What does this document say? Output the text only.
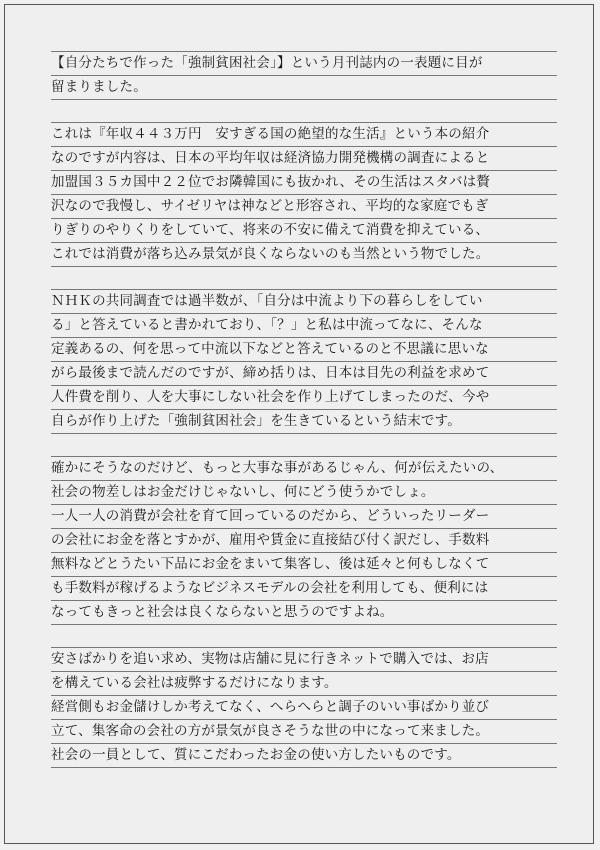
【自分たちで作った「強制貧困社会」】という月刊誌内の一表題に目が
留まりました。
これは『年収４４３万円　安すぎる国の絶望的な生活』という本の紹介
なのですが内容は、日本の平均年収は経済協力開発機構の調査によると
加盟国３５カ国中２２位でお隣韓国にも抜かれ、その生活はスタバは贅
沢なので我慢し、サイゼリヤは神などと形容され、平均的な家庭でもぎ
りぎりのやりくりをしていて、将来の不安に備えて消費を抑えている、
これでは消費が落ち込み景気が良くならないのも当然という物でした。
ＮＨＫの共同調査では過半数が、「自分は中流より下の暮らしをしてい
る」と答えていると書かれており、「？」と私は中流ってなに、そんな
定義あるの、何を思って中流以下などと答えているのと不思議に思いな
がら最後まで読んだのですが、締め括りは、日本は目先の利益を求めて
人件費を削り、人を大事にしない社会を作り上げてしまったのだ、今や
自らが作り上げた「強制貧困社会」を生きているという結末です。
確かにそうなのだけど、もっと大事な事があるじゃん、何が伝えたいの、
社会の物差しはお金だけじゃないし、何にどう使うかでしょ。
一人一人の消費が会社を育て回っているのだから、どういったリーダー
の会社にお金を落とすかが、雇用や賃金に直接結び付く訳だし、手数料
無料などとうたい下品にお金をまいて集客し、後は延々と何もしなくて
も手数料が稼げるようなビジネスモデルの会社を利用しても、便利には
なってもきっと社会は良くならないと思うのですよね。
安さばかりを追い求め、実物は店舗に見に行きネットで購入では、お店
を構えている会社は疲弊するだけになります。
経営側もお金儲けしか考えてなく、へらへらと調子のいい事ばかり並び
立て、集客命の会社の方が景気が良さそうな世の中になって来ました。
社会の一員として、質にこだわったお金の使い方したいものです。
